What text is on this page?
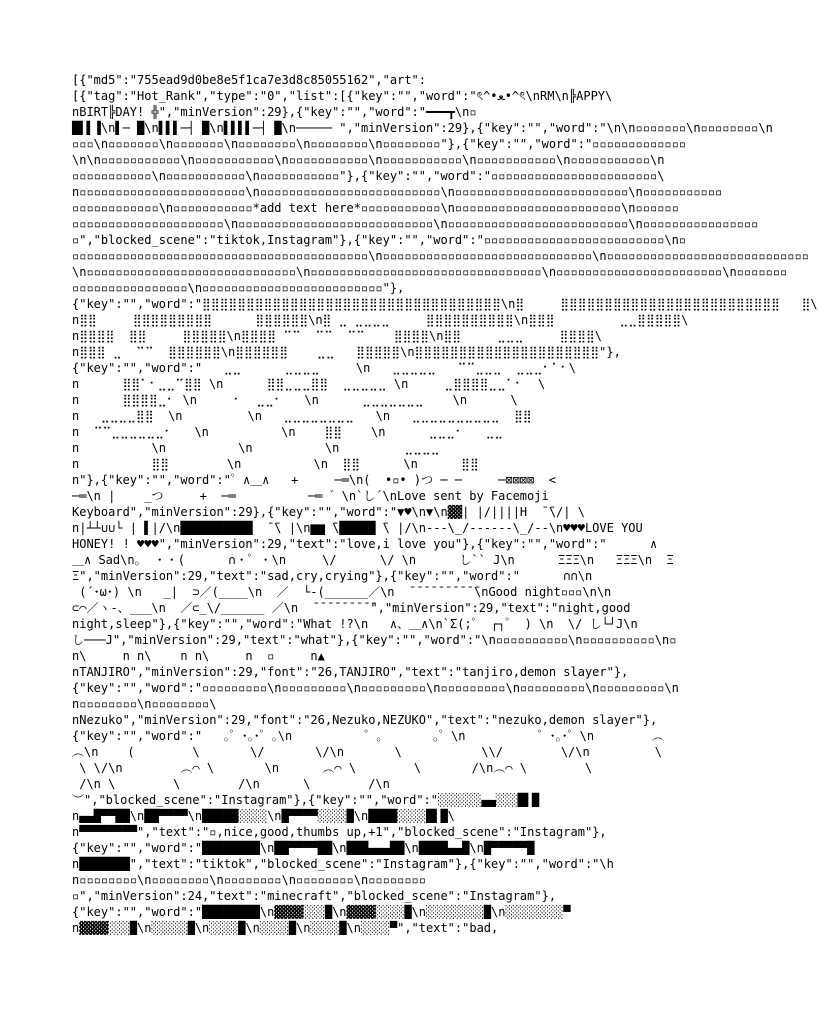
[{"md5":"755ead9d0be8e5f1ca7e3d8c85055162","art":
[{"tag":"Hot_Rank","type":"0","list":[{"key":"","word":"ৎ^•ﻌ•^ৎ\nRM\n╠APPY\
nBIRT╠DAY! ╬","minVersion":29},{"key":"","word":"━━━┳\n▫
█▌▌▐\n▌─ █\n▌▌▌─┤ █\n▌▌▌▌─┤ █\n───── ","minVersion":29},{"key":"","word":"\n\n▫▫▫▫▫▫▫\n▫▫▫▫▫▫▫▫\n
▫▫▫\n▫▫▫▫▫▫▫\n▫▫▫▫▫▫▫\n▫▫▫▫▫▫▫▫\n▫▫▫▫▫▫▫▫\n▫▫▫▫▫▫▫▫"},{"key":"","word":"▫▫▫▫▫▫▫▫▫▫▫▫▫
\n\n▫▫▫▫▫▫▫▫▫▫▫\n▫▫▫▫▫▫▫▫▫▫▫\n▫▫▫▫▫▫▫▫▫▫▫\n▫▫▫▫▫▫▫▫▫▫▫\n▫▫▫▫▫▫▫▫▫▫▫\n▫▫▫▫▫▫▫▫▫▫▫\n
▫▫▫▫▫▫▫▫▫▫▫\n▫▫▫▫▫▫▫▫▫▫▫\n▫▫▫▫▫▫▫▫▫▫▫"},{"key":"","word":"▫▫▫▫▫▫▫▫▫▫▫▫▫▫▫▫▫▫▫▫▫▫▫\
n▫▫▫▫▫▫▫▫▫▫▫▫▫▫▫▫▫▫▫▫▫▫▫\n▫▫▫▫▫▫▫▫▫▫▫▫▫▫▫▫▫▫▫▫▫▫▫▫▫\n▫▫▫▫▫▫▫▫▫▫▫▫▫▫▫▫▫▫▫▫▫▫▫▫\n▫▫▫▫▫▫▫▫▫▫▫
▫▫▫▫▫▫▫▫▫▫▫▫\n▫▫▫▫▫▫▫▫▫▫▫*add text here*▫▫▫▫▫▫▫▫▫▫▫\n▫▫▫▫▫▫▫▫▫▫▫▫▫▫▫▫▫▫▫▫▫▫▫\n▫▫▫▫▫▫
▫▫▫▫▫▫▫▫▫▫▫▫▫▫▫▫▫▫▫▫▫\n▫▫▫▫▫▫▫▫▫▫▫▫▫▫▫▫▫▫▫▫▫▫▫▫▫▫▫\n▫▫▫▫▫▫▫▫▫▫▫▫▫▫▫▫▫▫▫▫▫▫▫▫▫\n▫▫▫▫▫▫▫▫▫▫▫▫▫▫▫▫
▫","blocked_scene":"tiktok,Instagram"},{"key":"","word":"▫▫▫▫▫▫▫▫▫▫▫▫▫▫▫▫▫▫▫▫▫▫▫▫▫\n▫
▫▫▫▫▫▫▫▫▫▫▫▫▫▫▫▫▫▫▫▫▫▫▫▫▫▫▫▫▫▫▫▫▫▫▫▫▫▫▫▫▫\n▫▫▫▫▫▫▫▫▫▫▫▫▫▫▫▫▫▫▫▫▫▫▫▫▫▫▫▫▫\n▫▫▫▫▫▫▫▫▫▫▫▫▫▫▫▫▫▫▫▫▫▫▫▫▫▫▫▫
\n▫▫▫▫▫▫▫▫▫▫▫▫▫▫▫▫▫▫▫▫▫▫▫▫▫▫▫▫▫\n▫▫▫▫▫▫▫▫▫▫▫▫▫▫▫▫▫▫▫▫▫▫▫▫▫▫▫▫▫▫▫▫\n▫▫▫▫▫▫▫▫▫▫▫▫▫▫▫▫▫▫▫▫▫▫▫\n▫▫▫▫▫▫▫
▫▫▫▫▫▫▫▫▫▫▫▫▫▫▫▫\n▫▫▫▫▫▫▫▫▫▫▫▫▫▫▫▫▫▫▫▫▫▫▫▫▫"},
{"key":"","word":"⣿⣿⣿⣿⣿⣿⣿⣿⣿⣿⣿⣿⣿⣿⣿⣿⣿⣿⣿⣿⣿⣿⣿⣿⣿⣿⣿⣿⣿⣿⣿⣿⣿⣿\n⣿     ⣿⣿⣿⣿⣿⣿⣿⣿⣿⣿⣿⣿⣿⣿⣿⣿⣿⣿⣿⣿⣿⣿⣿⣿⣿   ⣿\
n⣿⣿     ⣿⣿⣿⣿⣿⣿⣿⣿⣿      ⣿⣿⣿⣿⣿⣿\n⣿ ⣀ ⣀⣀⣀⣀     ⣿⣿⣿⣿⣿⣿⣿⣿⣿⣿\n⣿⣿⣿         ⣀⣀⣿⣿⣿⣿⣿\
n⣿⣿⣿⣿  ⣿⣿     ⣿⣿⣿⣿⣿\n⣿⣿⣿⣿ ⠉⠉  ⠉⠉  ⠉⠉    ⣿⣿⣿⣿\n⣿⣿     ⣀⣀⣀     ⣿⣿⣿⣿\
n⣿⣿⣿ ⣀  ⠉⠉  ⣿⣿⣿⣿⣿⣿\n⣿⣿⣿⣿⣿⣿    ⣀⣀   ⣿⣿⣿⣿⣿\n⣿⣿⣿⣿⣿⣿⣿⣿⣿⣿⣿⣿⣿⣿⣿⣿⣿⣿⣿⣿⣿"},
{"key":"","word":"   ⣀⣀      ⣀⣀⣀⣀     \n   ⣀⣀⣀⣀⣀   ⠉⠉⣀⣀⣀  ⣀⣀⣀⠂⠁⠂\
n      ⣿⣿⠁⠂⣀⣀⠉⣿⣿ \n      ⣿⣿⣀⣀⣀⣿⣿  ⣀⣀⣀⣀⣀ \n     ⣀⣿⣿⣿⣿⣀⣀⠁⠂  \
n      ⣿⣿⣿⣿⣀⠂ \n     ⠂  ⣀⣀⠂   \n      ⣀⣀⣀⣀⣀⣀⣀    \n      \
n   ⣀⣀⣀⣀⣿⣿  \n         \n   ⣀⣀⣀⣀⣀⣀⣀⣀   \n   ⣀⣀⣀⣀⣀⣀⣀⣀⣀⣀  ⣿⣿
n  ⠉⠉⣀⣀⣀⣀⣀⣀⠂   \n          \n    ⣿⣿    \n      ⣀⣀⣀⠂   ⣀⣀
n          \n          \n          \n         ⣀⣀⣀⣀
n          ⣿⣿        \n          \n  ⣿⣿      \n      ⣿⣿
n"},{"key":"","word":"゜∧＿∧   +     ─═\n(  •▫• )つ ─ ─     ─⊠⊠⊠⊠  <
─═\n |    _つ     +  ─═          ─═ ゛\n`し´\nLove sent by Facemoji
Keyboard","minVersion":29},{"key":"","word":"▼♥\n▼\n▓▓| |/||||H  ̄ ̄\/| \
n|┴┴∪∪└ | ▌|/\n██████████  ̄ ̄\ |\n▆▆ ̄\█████ ̄\ |/\n-‐-\_/‐‐‐‐‐‐\_/‐-\n♥♥♥LOVE YOU
HONEY! ! ♥♥♥","minVersion":29,"text":"love,i love you"},{"key":"","word":"      ∧
＿∧ Sad\n。 ・・(      ∩・゜・\n     \/      \/ \n      し`` J\n      ΞΞΞ\n   ΞΞΞ\n  Ξ
Ξ","minVersion":29,"text":"sad,cry,crying"},{"key":"","word":"      ∩∩\n
(´･ω･) \n   _|  ⊃／(____\n  ／  └-(______／\n  ̄ ̄ ̄ ̄ ̄ ̄ ̄ ̄ ̄ ̄\nGood night▫▫▫\n\n
⊂⌒／ヽ-、___\n  ／⊂_\/______ ／\n  ̄ ̄ ̄ ̄ ̄ ̄ ̄ ̄ ̄","minVersion":29,"text":"night,good
night,sleep"},{"key":"","word":"What !?\n   ∧、＿∧\n`Σ(;゜ ┌┐゜ ) \n  \/ し└┘J\n
し───J","minVersion":29,"text":"what"},{"key":"","word":"\n▫▫▫▫▫▫▫▫▫▫\n▫▫▫▫▫▫▫▫▫▫\n▫
n\     n n\    n n\     n  ▫     n▲
nTANJIRO","minVersion":29,"font":"26,TANJIRO","text":"tanjiro,demon slayer"},
{"key":"","word":"▫▫▫▫▫▫▫▫▫\n▫▫▫▫▫▫▫▫▫\n▫▫▫▫▫▫▫▫▫\n▫▫▫▫▫▫▫▫▫\n▫▫▫▫▫▫▫▫▫\n▫▫▫▫▫▫▫▫▫\n
n▫▫▫▫▫▫▫▫\n▫▫▫▫▫▫▫▫\
nNezuko","minVersion":29,"font":"26,Nezuko,NEZUKO","text":"nezuko,demon slayer"},
{"key":"","word":"   ｡゜･｡･゜｡\n          ゜｡       ｡゜\n          ゜･｡･゜\n        ︵
︵\n    (        \       \/       \/\n       \           \\/        \/\n         \
\ \/\n        ︵⌒ \       \n      ︵⌒ \        \       /\n︵⌒ \        \
/\n \        \        /\n      \        /\n
︶","blocked_scene":"Instagram"},{"key":"","word":"░░░░░░▄▄░░░█▌█
n▄▄█▀▀██\n██▀▀▀▀\n█████░░░░\n█▀▀▀▀░░░░█\n████░░░░█▌█\
n▀▀▀▀▀▀▀▀","text":"▫,nice,good,thumbs up,+1","blocked_scene":"Instagram"},
{"key":"","word":"████████\n██▀▀▀▀██\n███▄▄▄██\n████▄▄█\n█▀▀▀▀▀█
n███████","text":"tiktok","blocked_scene":"Instagram"},{"key":"","word":"\h
n▫▫▫▫▫▫▫▫\n▫▫▫▫▫▫▫▫\n▫▫▫▫▫▫▫▫\n▫▫▫▫▫▫▫▫\n▫▫▫▫▫▫▫▫
▫","minVersion":24,"text":"minecraft","blocked_scene":"Instagram"},
{"key":"","word":"████████\n▓▓▓▓░░░█\n▓▓▓▓░░░░█\n░░░░░░░░█\n░░░░░░░░▀
n▓▓▓▓░░░█\n░░░░░█\n░░░░█\n░░░░█\n░░░░█\n░░░░▀","text":"bad,
